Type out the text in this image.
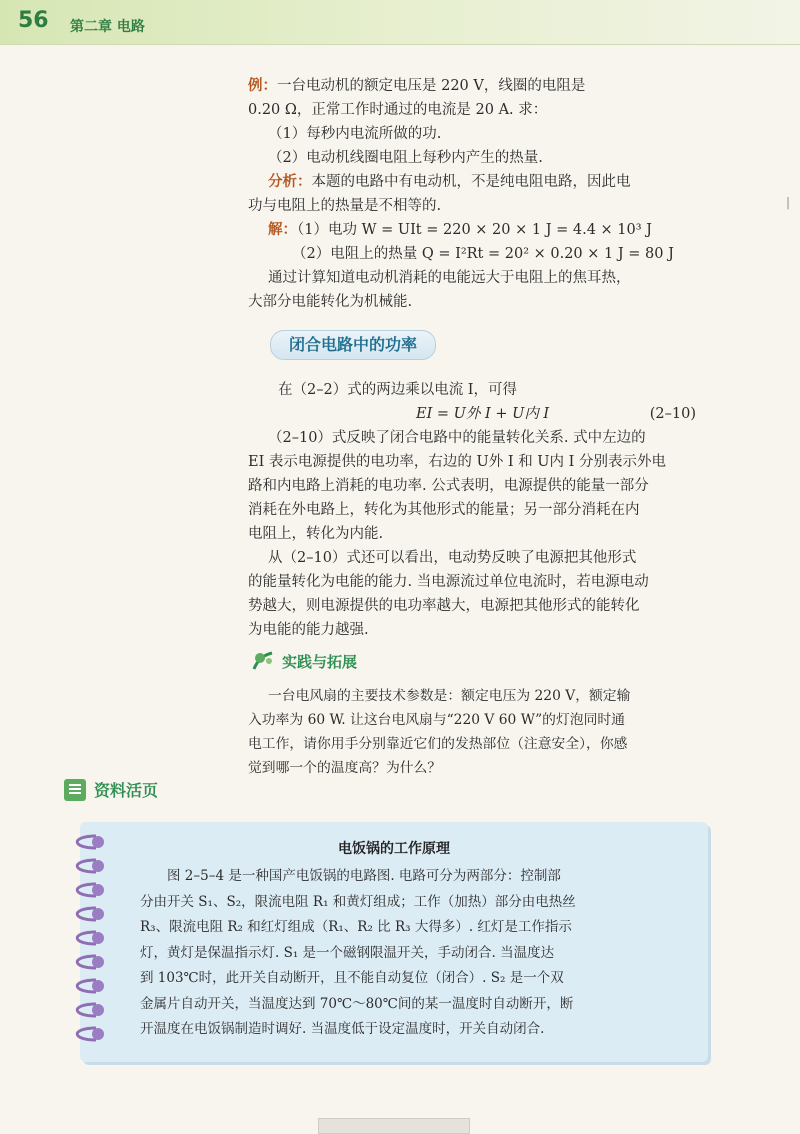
56 第二章 电路

例：一台电动机的额定电压是 220 V，线圈的电阻是

0.20 Ω，正常工作时通过的电流是 20 A. 求：

（1）每秒内电流所做的功.

（2）电动机线圈电阻上每秒内产生的热量.

分析：本题的电路中有电动机，不是纯电阻电路，因此电

功与电阻上的热量是不相等的.

解：（1）电功 W = UIt = 220 × 20 × 1 J = 4.4 × 10³ J

（2）电阻上的热量 Q = I²Rt = 20² × 0.20 × 1 J = 80 J

通过计算知道电动机消耗的电能远大于电阻上的焦耳热，

大部分电能转化为机械能.

|
闭合电路中的功率

在（2–2）式的两边乘以电流 I，可得

EI = U外 I + U内 I	(2–10)

（2–10）式反映了闭合电路中的能量转化关系. 式中左边的

EI 表示电源提供的电功率，右边的 U外 I 和 U内 I 分别表示外电

路和内电路上消耗的电功率. 公式表明，电源提供的能量一部分

消耗在外电路上，转化为其他形式的能量；另一部分消耗在内

电阻上，转化为内能.

从（2–10）式还可以看出，电动势反映了电源把其他形式

的能量转化为电能的能力. 当电源流过单位电流时，若电源电动

势越大，则电源提供的电功率越大，电源把其他形式的能转化

为电能的能力越强.

实践与拓展

一台电风扇的主要技术参数是：额定电压为 220 V，额定输

入功率为 60 W. 让这台电风扇与“220 V 60 W”的灯泡同时通

电工作，请你用手分别靠近它们的发热部位（注意安全），你感

觉到哪一个的温度高？为什么？

资料活页
电饭锅的工作原理
图 2–5–4 是一种国产电饭锅的电路图. 电路可分为两部分：控制部
分由开关 S₁、S₂，限流电阻 R₁ 和黄灯组成；工作（加热）部分由电热丝
R₃、限流电阻 R₂ 和红灯组成（R₁、R₂ 比 R₃ 大得多）. 红灯是工作指示
灯，黄灯是保温指示灯. S₁ 是一个磁钢限温开关，手动闭合. 当温度达
到 103℃时，此开关自动断开，且不能自动复位（闭合）. S₂ 是一个双
金属片自动开关，当温度达到 70℃～80℃间的某一温度时自动断开，断
开温度在电饭锅制造时调好. 当温度低于设定温度时，开关自动闭合.
